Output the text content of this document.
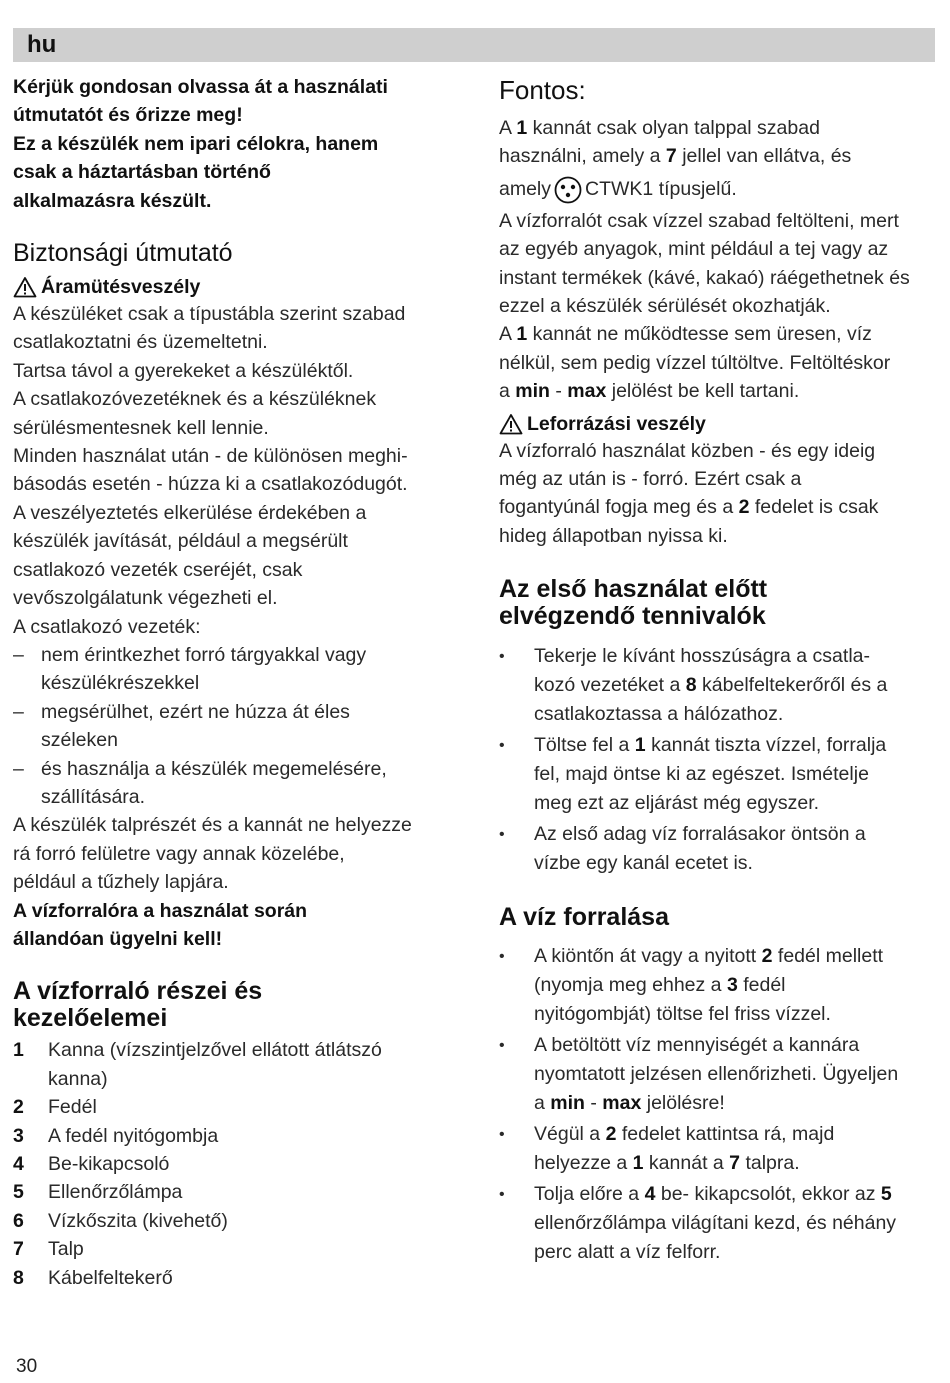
hu

Kérjük gondosan olvassa át a használati

útmutatót és őrizze meg!

Ez a készülék nem ipari célokra, hanem

csak a háztartásban történő

alkalmazásra készült.

Biztonsági útmutató
Áramütésveszély

A készüléket csak a típustábla szerint szabad

csatlakoztatni és üzemeltetni.

Tartsa távol a gyerekeket a készüléktől.

A csatlakozóvezetéknek és a készüléknek

sérülésmentesnek kell lennie.

Minden használat után - de különösen meghi-

básodás esetén - húzza ki a csatlakozódugót.

A veszélyeztetés elkerülése érdekében a

készülék javítását, például a megsérült

csatlakozó vezeték cseréjét, csak

vevőszolgálatunk végezheti el.

A csatlakozó vezeték:

– nem érintkezhet forró tárgyakkal vagy
készülékrészekkel
– megsérülhet, ezért ne húzza át éles
széleken
– és használja a készülék megemelésére,
szállítására.

A készülék talprészét és a kannát ne helyezze

rá forró felületre vagy annak közelébe,

például a tűzhely lapjára.

A vízforralóra a használat során

állandóan ügyelni kell!

A vízforraló részei és
kezelőelemei
1	Kanna (vízszintjelzővel ellátott átlátszó
kanna)
2	Fedél
3	A fedél nyitógombja
4	Be-kikapcsoló
5	Ellenőrzőlámpa
6	Vízkőszita (kivehető)
7	Talp
8	Kábelfeltekerő
Fontos:

A 1 kannát csak olyan talppal szabad

használni, amely a 7 jellel van ellátva, és

amely CTWK1 típusjelű.

A vízforralót csak vízzel szabad feltölteni, mert

az egyéb anyagok, mint például a tej vagy az

instant termékek (kávé, kakaó) ráégethetnek és

ezzel a készülék sérülését okozhatják.

A 1 kannát ne működtesse sem üresen, víz

nélkül, sem pedig vízzel túltöltve. Feltöltéskor

a min - max jelölést be kell tartani.

Leforrázási veszély

A vízforraló használat közben - és egy ideig

még az után is - forró. Ezért csak a

fogantyúnál fogja meg és a 2 fedelet is csak

hideg állapotban nyissa ki.

Az első használat előtt
elvégzendő tennivalók
•	Tekerje le kívánt hosszúságra a csatla-
kozó vezetéket a 8 kábelfeltekerőről és a
csatlakoztassa a hálózathoz.
•	Töltse fel a 1 kannát tiszta vízzel, forralja
fel, majd öntse ki az egészet. Ismételje
meg ezt az eljárást még egyszer.
•	Az első adag víz forralásakor öntsön a
vízbe egy kanál ecetet is.
A víz forralása
•	A kiöntőn át vagy a nyitott 2 fedél mellett
(nyomja meg ehhez a 3 fedél
nyitógombját) töltse fel friss vízzel.
•	A betöltött víz mennyiségét a kannára
nyomtatott jelzésen ellenőrizheti. Ügyeljen
a min - max jelölésre!
•	Végül a 2 fedelet kattintsa rá, majd
helyezze a 1 kannát a 7 talpra.
•	Tolja előre a 4 be- kikapcsolót, ekkor az 5
ellenőrzőlámpa világítani kezd, és néhány
perc alatt a víz felforr.
30
